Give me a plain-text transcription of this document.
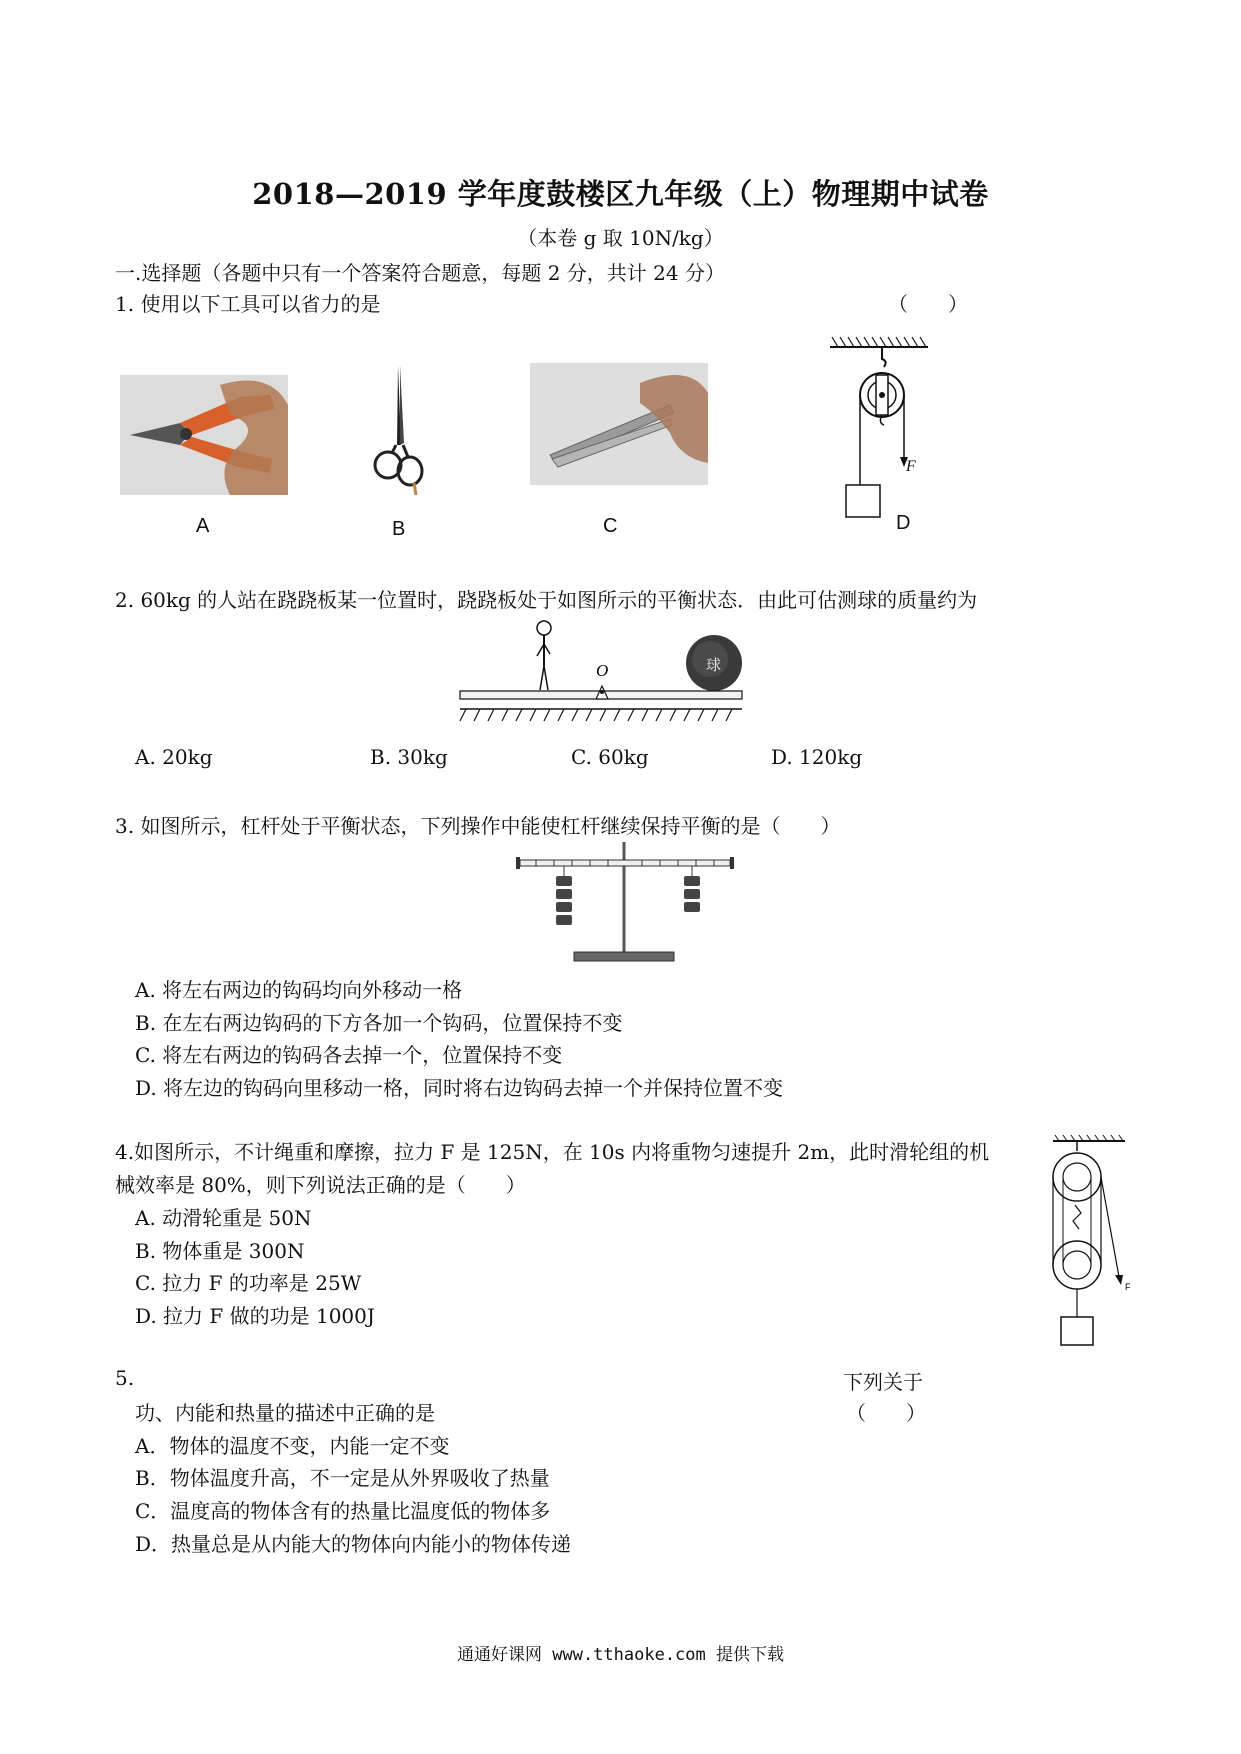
2018—2019 学年度鼓楼区九年级（上）物理期中试卷
（本卷 g 取 10N/kg）
一.选择题（各题中只有一个答案符合题意，每题 2 分，共计 24 分）
1. 使用以下工具可以省力的是	（　　）
A	B	C
F
D
2. 60kg 的人站在跷跷板某一位置时，跷跷板处于如图所示的平衡状态．由此可估测球的质量约为
球
O
A. 20kg	B. 30kg	C. 60kg	D. 120kg
3. 如图所示，杠杆处于平衡状态，下列操作中能使杠杆继续保持平衡的是（　　）
A. 将左右两边的钩码均向外移动一格
B. 在左右两边钩码的下方各加一个钩码，位置保持不变
C. 将左右两边的钩码各去掉一个，位置保持不变
D. 将左边的钩码向里移动一格，同时将右边钩码去掉一个并保持位置不变
4.如图所示，不计绳重和摩擦，拉力 F 是 125N，在 10s 内将重物匀速提升 2m，此时滑轮组的机
械效率是 80%，则下列说法正确的是（　　）
A. 动滑轮重是 50N
B. 物体重是 300N
C. 拉力 F 的功率是 25W
D. 拉力 F 做的功是 1000J
F
5.	下列关于
功、内能和热量的描述中正确的是	（　　）
A．物体的温度不变，内能一定不变
B．物体温度升高，不一定是从外界吸收了热量
C．温度高的物体含有的热量比温度低的物体多
D．热量总是从内能大的物体向内能小的物体传递
通通好课网 www.tthaoke.com 提供下载
